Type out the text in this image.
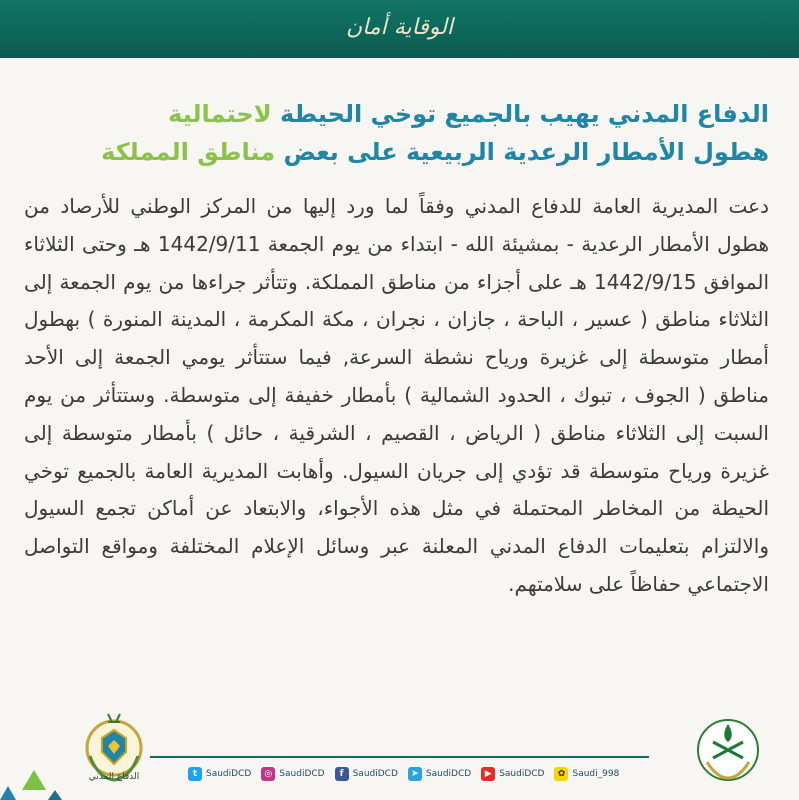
الوقاية أمان
الدفاع المدني يهيب بالجميع توخي الحيطة لاحتمالية
هطول الأمطار الرعدية الربيعية على بعض مناطق المملكة
دعت المديرية العامة للدفاع المدني وفقاً لما ورد إليها من المركز الوطني للأرصاد من هطول الأمطار الرعدية - بمشيئة الله - ابتداء من يوم الجمعة 1442/9/11 هـ وحتى الثلاثاء الموافق 1442/9/15 هـ على أجزاء من مناطق المملكة. وتتأثر جراءها من يوم الجمعة إلى الثلاثاء مناطق ( عسير ، الباحة ، جازان ، نجران ، مكة المكرمة ، المدينة المنورة ) بهطول أمطار متوسطة إلى غزيرة ورياح نشطة السرعة, فيما ستتأثر يومي الجمعة إلى الأحد مناطق ( الجوف ، تبوك ، الحدود الشمالية ) بأمطار خفيفة إلى متوسطة. وستتأثر من يوم السبت إلى الثلاثاء مناطق ( الرياض ، القصيم ، الشرقية ، حائل ) بأمطار متوسطة إلى غزيرة ورياح متوسطة قد تؤدي إلى جريان السيول. وأهابت المديرية العامة بالجميع توخي الحيطة من المخاطر المحتملة في مثل هذه الأجواء، والابتعاد عن أماكن تجمع السيول والالتزام بتعليمات الدفاع المدني المعلنة عبر وسائل الإعلام المختلفة ومواقع التواصل الاجتماعي حفاظاً على سلامتهم.
الدفاع المدني	t SaudiDCD	◎ SaudiDCD	f	SaudiDCD	➤ SaudiDCD	▶ SaudiDCD	✿ Saudi_998
